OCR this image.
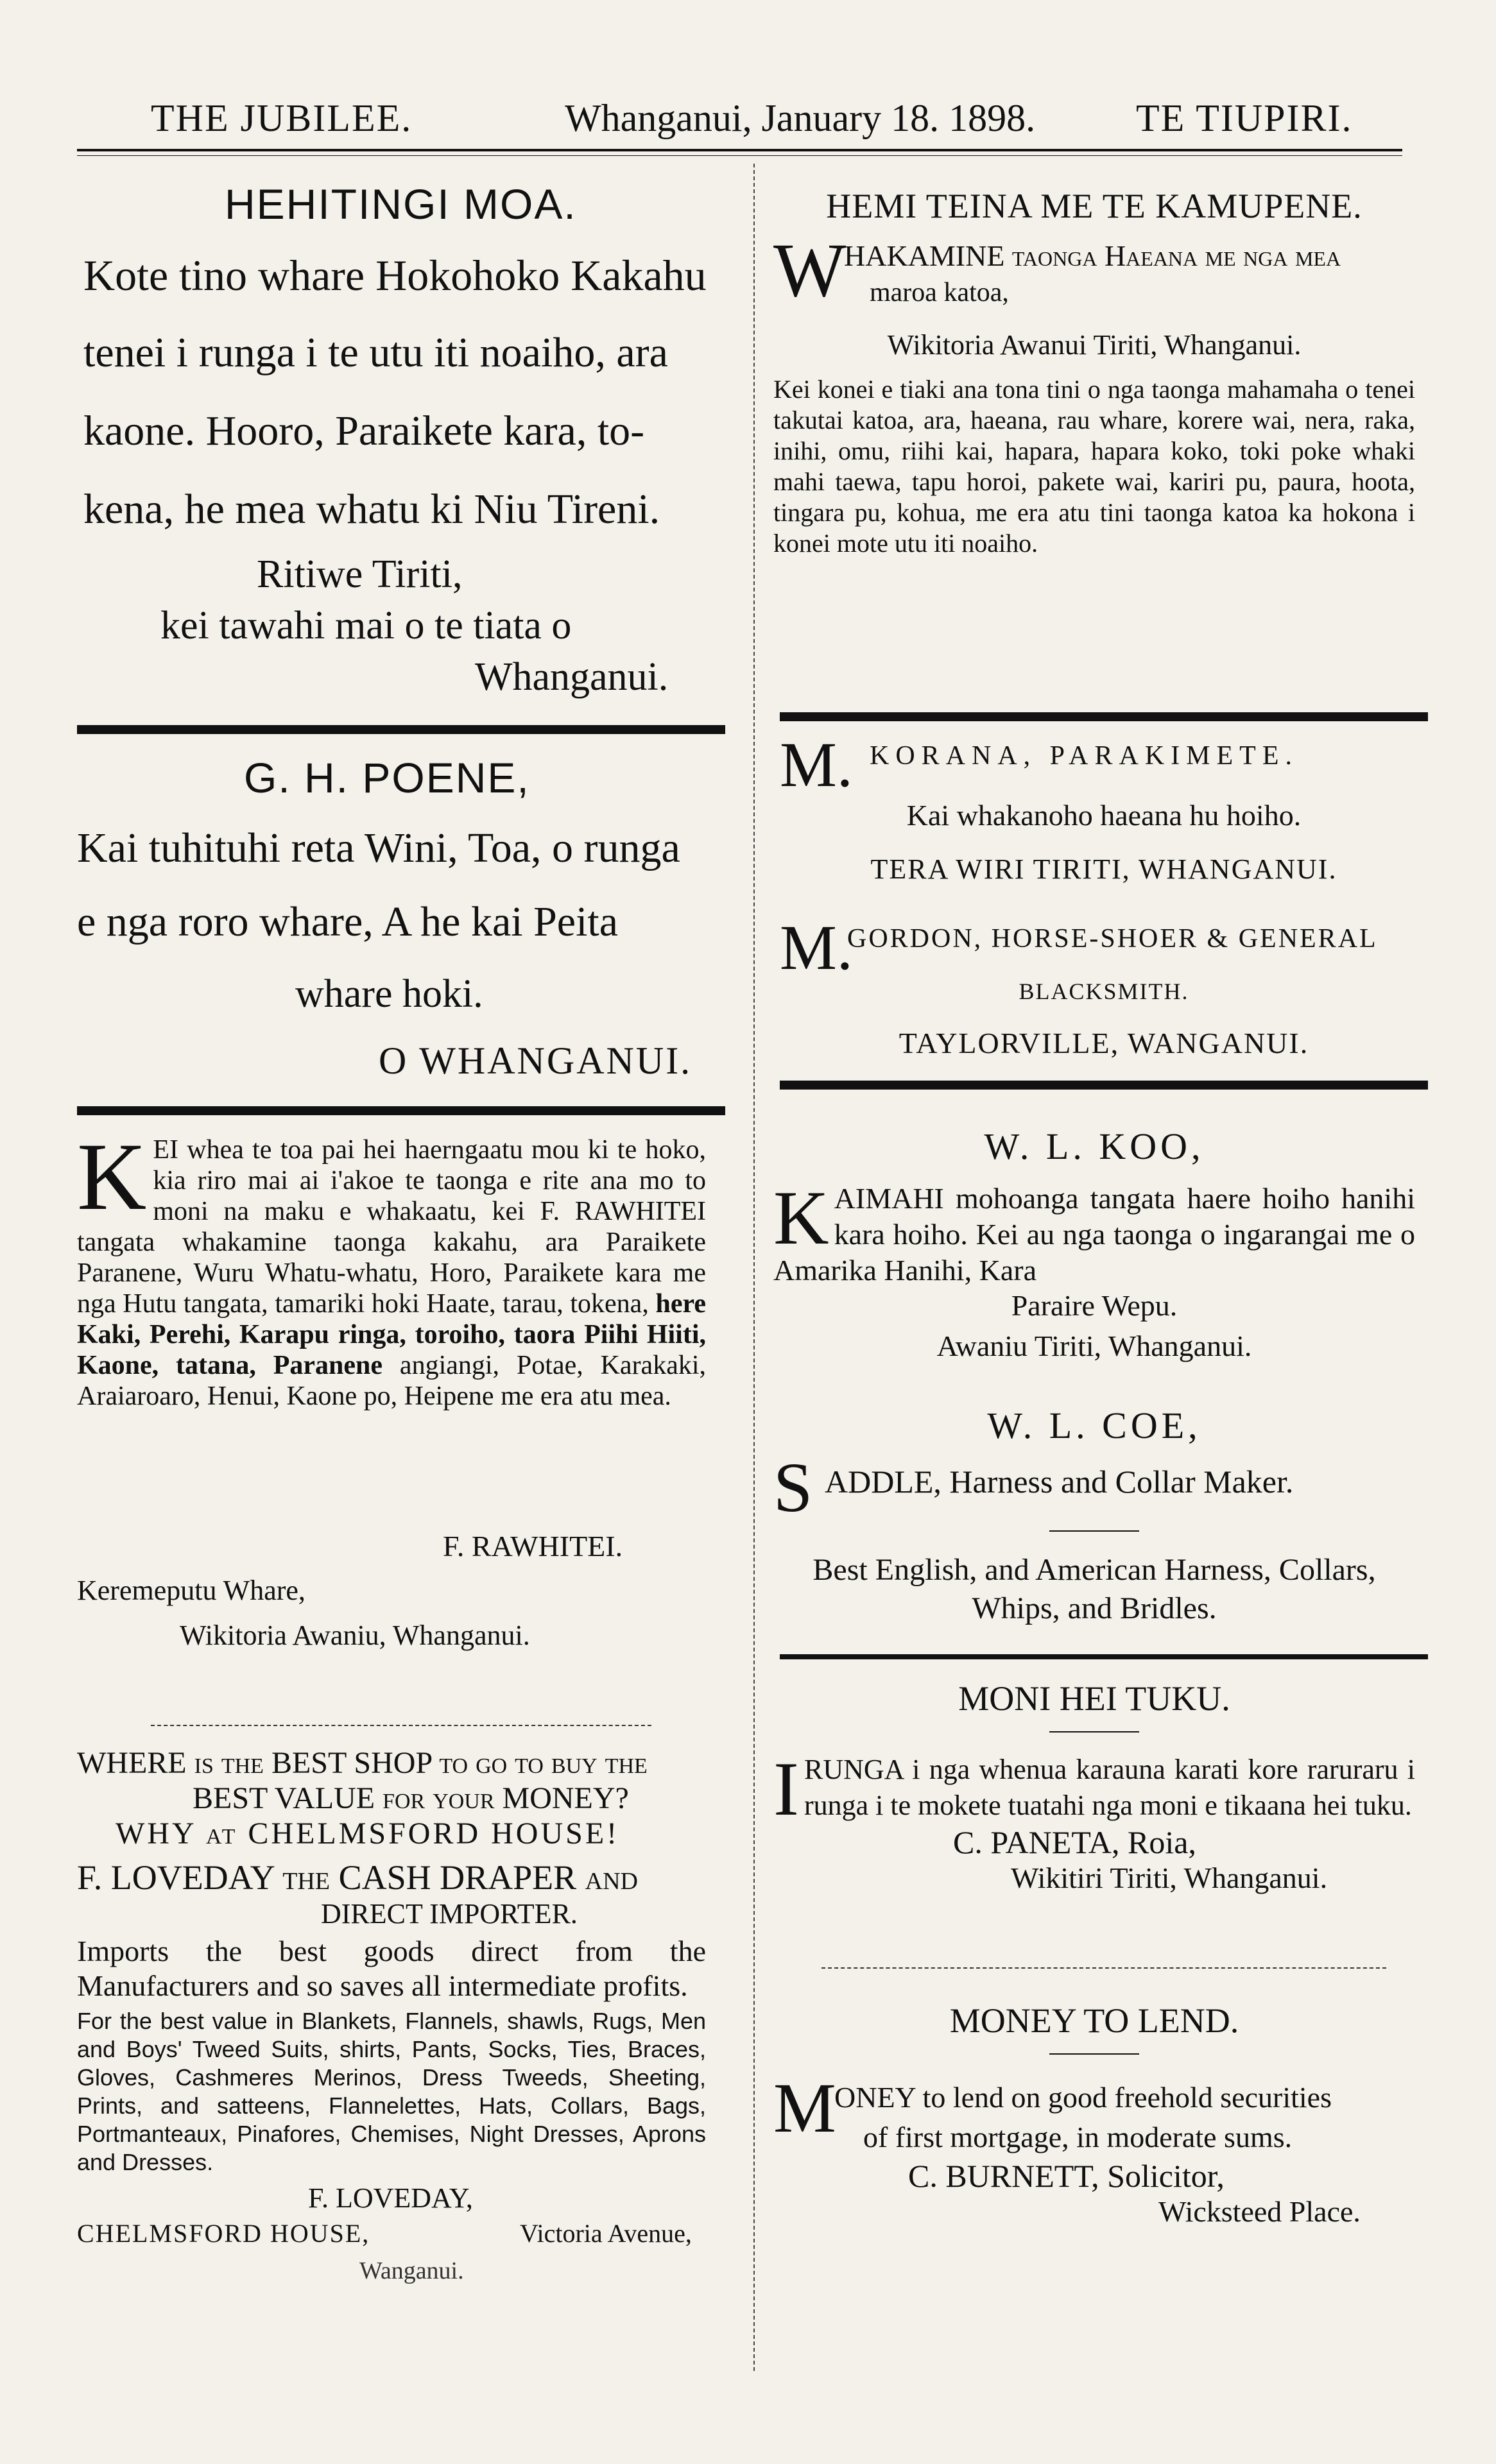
THE JUBILEE.	Whanganui, January 18. 1898.	TE TIUPIRI.
HEHITINGI MOA.
Kote tino whare Hokohoko Kakahu
tenei i runga i te utu iti noaiho, ara
kaone. Hooro, Paraikete kara, to-
kena, he mea whatu ki Niu Tireni.
Ritiwe Tiriti,
kei tawahi mai o te tiata o
Whanganui.
G. H. POENE,
Kai tuhituhi reta Wini, Toa, o runga
e nga roro whare, A he kai Peita
whare hoki.
O WHANGANUI.
K EI whea te toa pai hei haerngaatu mou ki te hoko, kia riro mai ai i'akoe te taonga e rite ana mo to moni na maku e whakaatu, kei F. RAWHITEI tangata whakamine taonga kakahu, ara Paraikete Paranene, Wuru Whatu-whatu, Horo, Paraikete kara me nga Hutu tangata, tamariki hoki Haate, tarau, tokena, here Kaki, Perehi, Karapu ringa, toroiho, taora Piihi Hiiti, Kaone, tatana, Paranene angiangi, Potae, Karakaki, Araiaroaro, Henui, Kaone po, Heipene me era atu mea.

F. RAWHITEI.
Keremeputu Whare,
Wikitoria Awaniu, Whanganui.
WHERE is the BEST SHOP to go to buy the
BEST VALUE for your MONEY?
WHY at CHELMSFORD HOUSE!
F. LOVEDAY the CASH DRAPER and
DIRECT IMPORTER.

Imports the best goods direct from the Manufacturers and so saves all intermediate profits.

For the best value in Blankets, Flannels, shawls, Rugs, Men and Boys' Tweed Suits, shirts, Pants, Socks, Ties, Braces, Gloves, Cashmeres Merinos, Dress Tweeds, Sheeting, Prints, and satteens, Flannelettes, Hats, Collars, Bags, Portmanteaux, Pinafores, Chemises, Night Dresses, Aprons and Dresses.

F. LOVEDAY,
CHELMSFORD HOUSE,	Victoria Avenue,
Wanganui.
HEMI TEINA ME TE KAMUPENE.
W
HAKAMINE taonga Haeana me nga mea
maroa katoa,
Wikitoria Awanui Tiriti, Whanganui.

Kei konei e tiaki ana tona tini o nga taonga mahamaha o tenei takutai katoa, ara, haeana, rau whare, korere wai, nera, raka, inihi, omu, riihi kai, hapara, hapara koko, toki poke whaki mahi taewa, tapu horoi, pakete wai, kariri pu, paura, hoota, tingara pu, kohua, me era atu tini taonga katoa ka hokona i konei mote utu iti noaiho.

M. KORANA, PARAKIMETE.
Kai whakanoho haeana hu hoiho.
TERA WIRI TIRITI, WHANGANUI.
M.
GORDON, HORSE-SHOER & GENERAL
BLACKSMITH.
TAYLORVILLE, WANGANUI.
W. L. KOO,
K AIMAHI mohoanga tangata haere hoiho hanihi kara hoiho. Kei au nga taonga o ingarangai me o Amarika Hanihi, Kara

Paraire Wepu.
Awaniu Tiriti, Whanganui.
W. L. COE,
S ADDLE, Harness and Collar Maker.

Best English, and American Harness, Collars, Whips, and Bridles.

MONI HEI TUKU.
I RUNGA i nga whenua karauna karati kore raruraru i runga i te mokete tuatahi nga moni e tikaana hei tuku.

C. PANETA, Roia,
Wikitiri Tiriti, Whanganui.
MONEY TO LEND.
M
ONEY to lend on good freehold securities
of first mortgage, in moderate sums.
C. BURNETT, Solicitor,
Wicksteed Place.
